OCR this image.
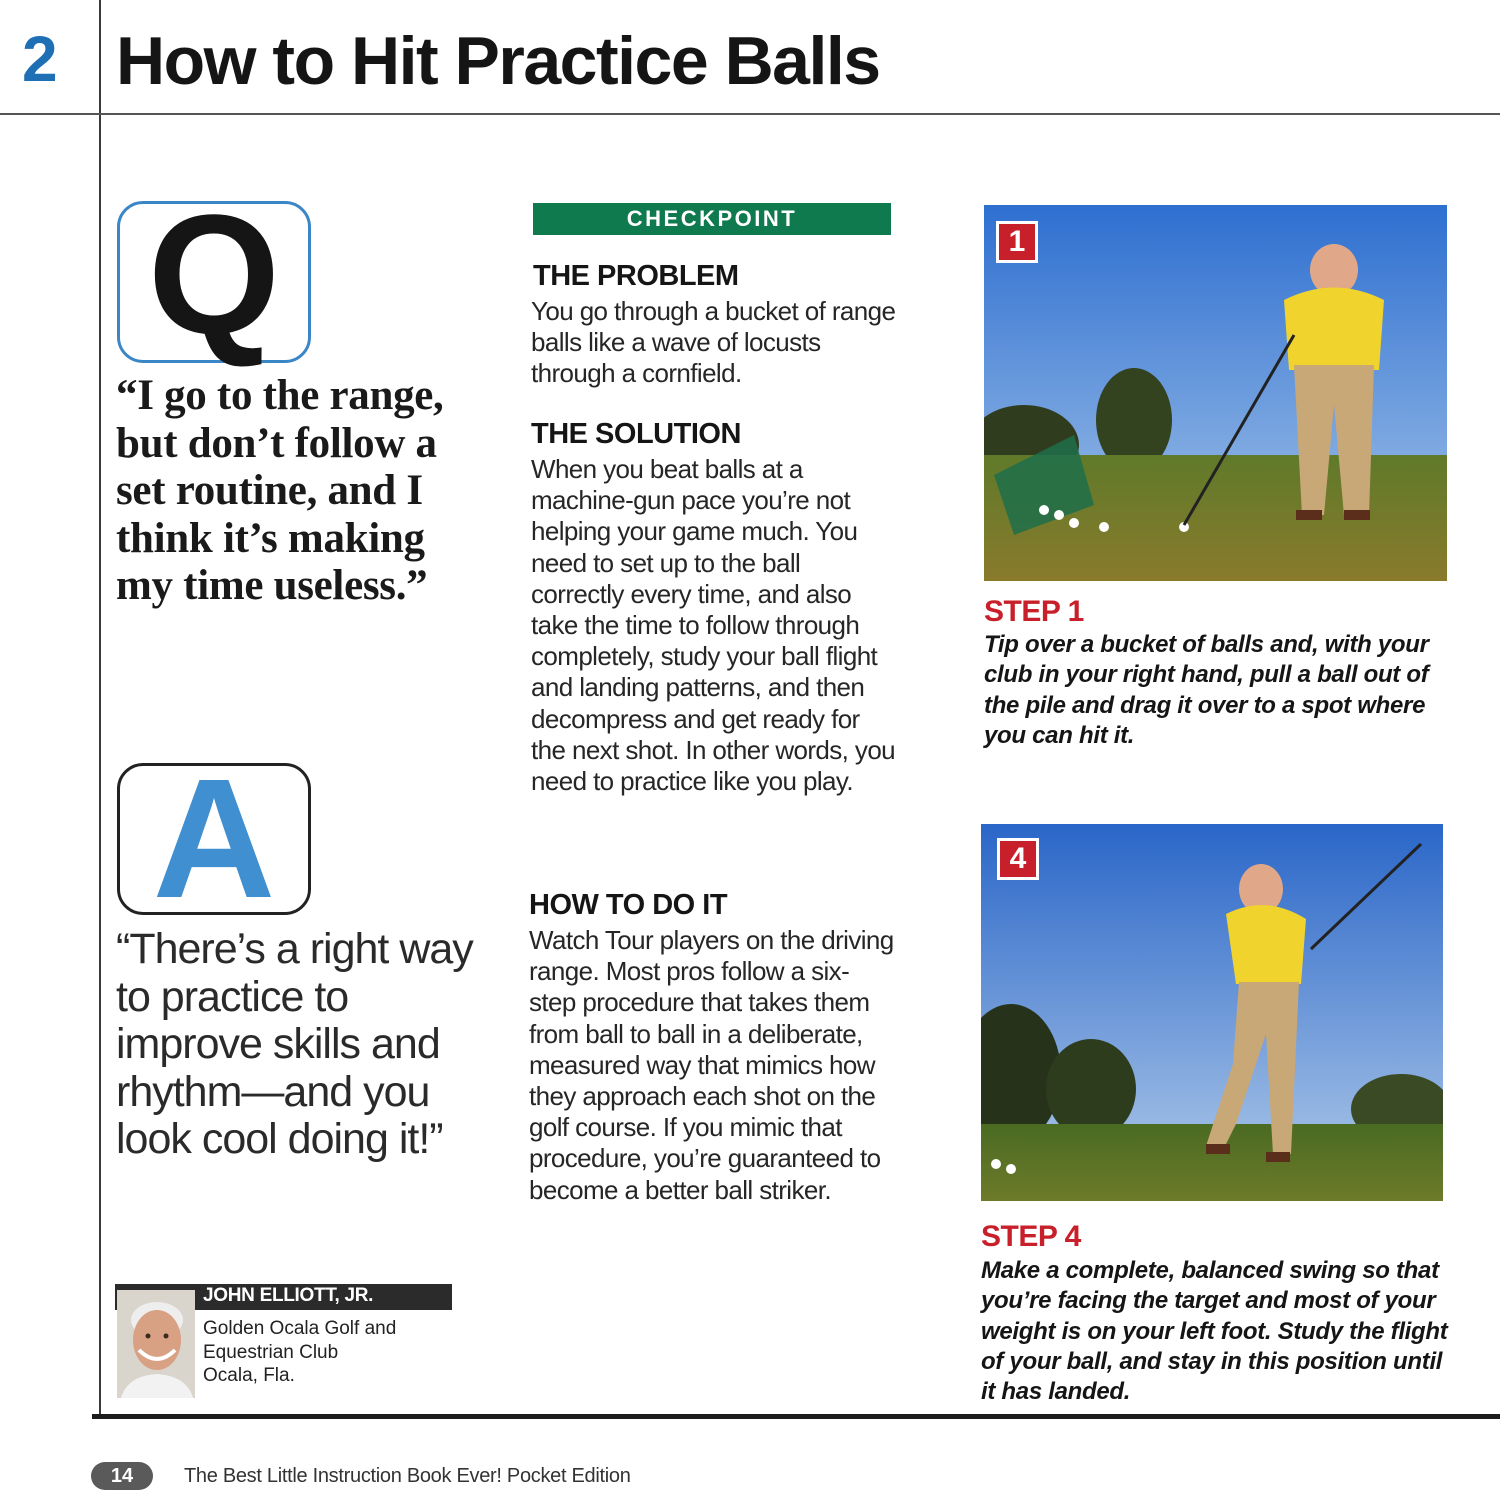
2 How to Hit Practice Balls
Q
“I go to the range, but don’t follow a set routine, and I think it’s making my time useless.”
A
“There’s a right way to practice to improve skills and rhythm—and you look cool doing it!”
JOHN ELLIOTT, JR.
Golden Ocala Golf and
Equestrian Club
Ocala, Fla.
CHECKPOINT
THE PROBLEM
You go through a bucket of range balls like a wave of locusts through a cornfield.
THE SOLUTION
When you beat balls at a machine-gun pace you’re not helping your game much. You need to set up to the ball correctly every time, and also take the time to follow through completely, study your ball flight and landing patterns, and then decompress and get ready for the next shot. In other words, you need to practice like you play.
HOW TO DO IT
Watch Tour players on the driving range. Most pros follow a six-step procedure that takes them from ball to ball in a deliberate, measured way that mimics how they approach each shot on the golf course. If you mimic that procedure, you’re guaranteed to become a better ball striker.
1
STEP 1
Tip over a bucket of balls and, with your club in your right hand, pull a ball out of the pile and drag it over to a spot where you can hit it.
4
STEP 4
Make a complete, balanced swing so that you’re facing the target and most of your weight is on your left foot. Study the flight of your ball, and stay in this position until it has landed.
14	The Best Little Instruction Book Ever! Pocket Edition
